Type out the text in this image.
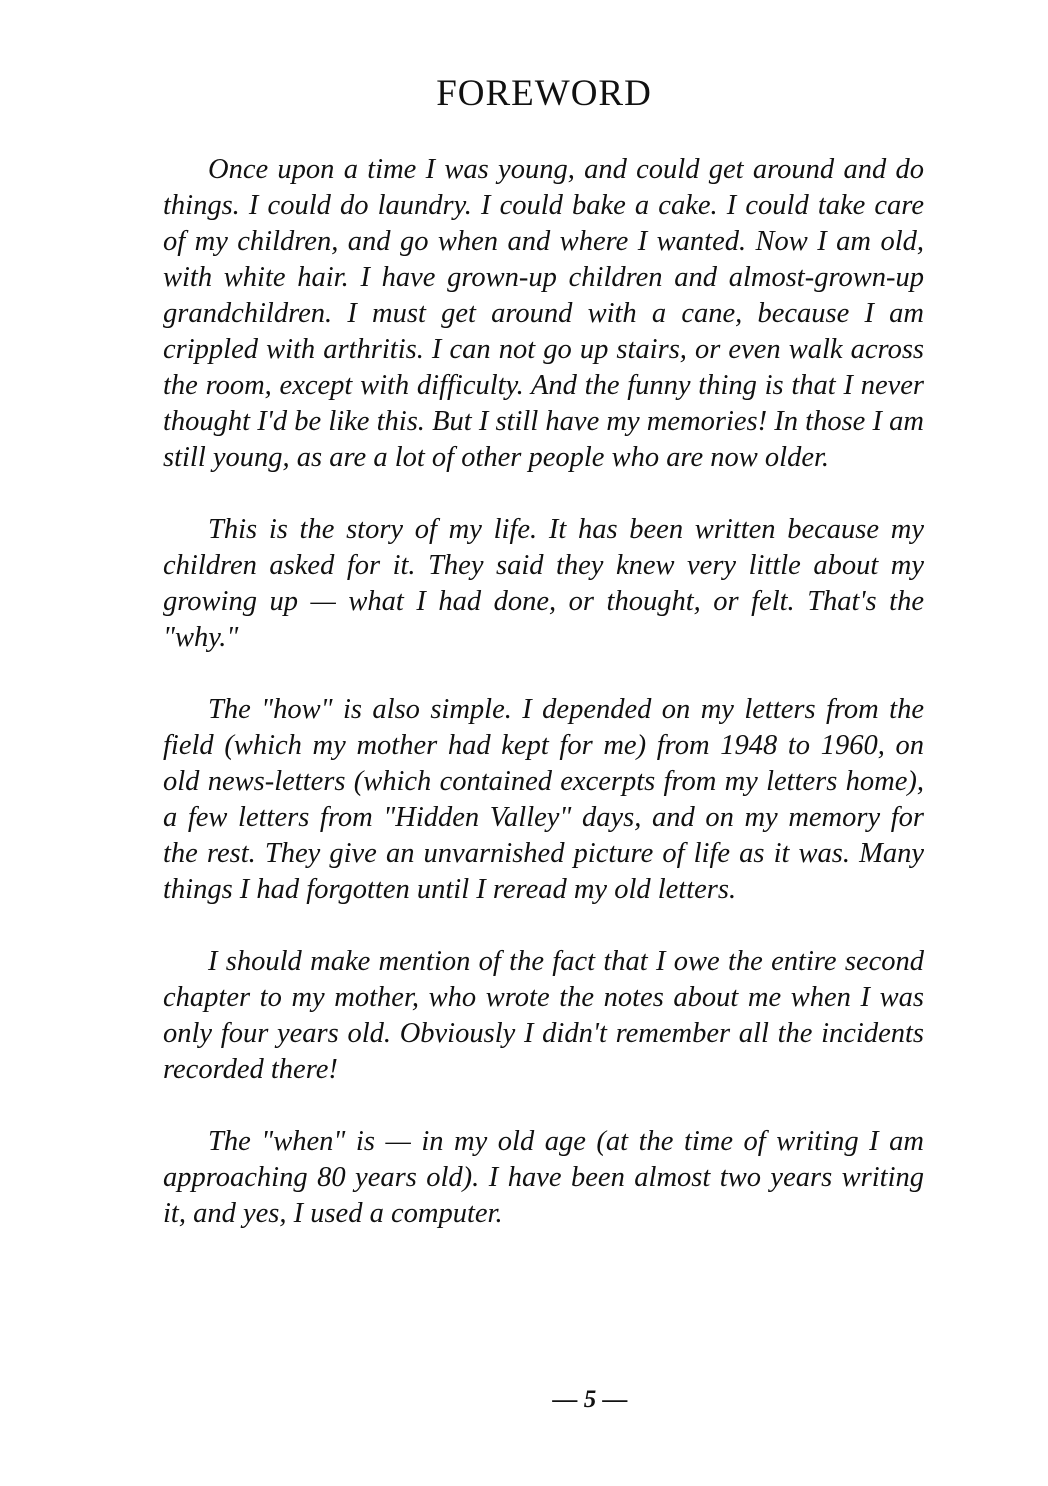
FOREWORD

Once upon a time I was young, and could get around and do things. I could do laundry. I could bake a cake. I could take care of my children, and go when and where I wanted. Now I am old, with white hair. I have grown-up children and almost-grown-up grandchildren. I must get around with a cane, because I am crippled with arthritis. I can not go up stairs, or even walk across the room, except with difficulty. And the funny thing is that I never thought I'd be like this. But I still have my memories! In those I am still young, as are a lot of other people who are now older.

This is the story of my life. It has been written because my children asked for it. They said they knew very little about my growing up — what I had done, or thought, or felt. That's the "why."

The "how" is also simple. I depended on my letters from the field (which my mother had kept for me) from 1948 to 1960, on old news-letters (which contained excerpts from my letters home), a few letters from "Hidden Valley" days, and on my memory for the rest. They give an unvarnished picture of life as it was. Many things I had forgotten until I reread my old letters.

I should make mention of the fact that I owe the entire second chapter to my mother, who wrote the notes about me when I was only four years old. Obviously I didn't remember all the incidents recorded there!

The "when" is — in my old age (at the time of writing I am approaching 80 years old). I have been almost two years writing it, and yes, I used a computer.

— 5 —
